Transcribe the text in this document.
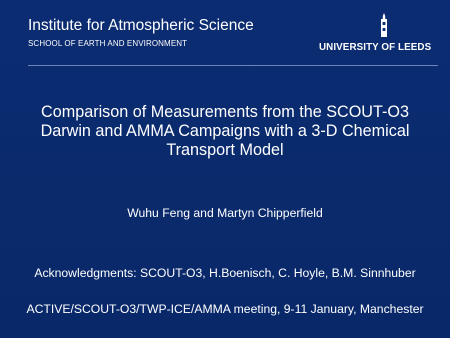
Institute for Atmospheric Science
SCHOOL OF EARTH AND ENVIRONMENT	UNIVERSITY OF LEEDS
Comparison of Measurements from the SCOUT-O3
Darwin and AMMA Campaigns with a 3-D Chemical
Transport Model
Wuhu Feng and Martyn Chipperfield
Acknowledgments: SCOUT-O3, H.Boenisch, C. Hoyle, B.M. Sinnhuber
ACTIVE/SCOUT-O3/TWP-ICE/AMMA meeting, 9-11 January, Manchester
